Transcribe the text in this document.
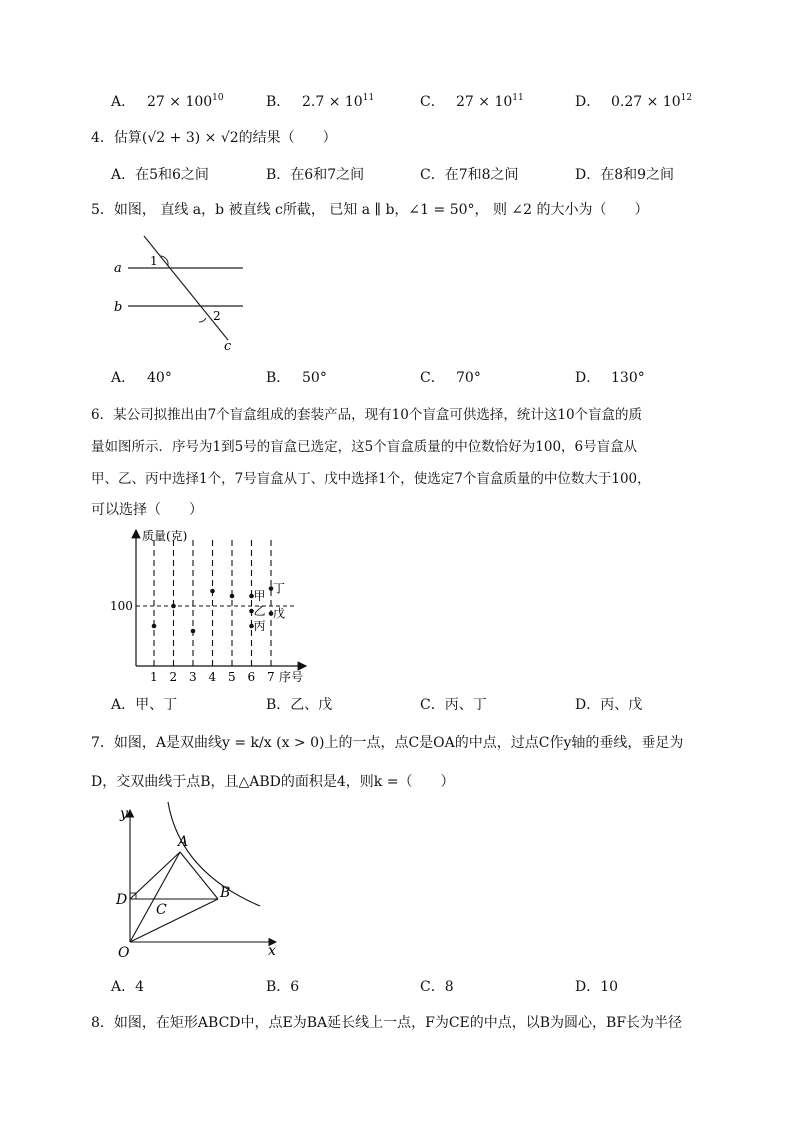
A． $27 \times 100^{10}$	B． $2.7 \times 10^{11}$	C． $27 \times 10^{11}$	D． $0.27 \times 10^{12}$
4．估算(√2 + 3) × √2的结果（　　）
A．在5和6之间	B．在6和7之间	C．在7和8之间	D．在8和9之间
5．如图， 直线 a，b 被直线 c所截， 已知 a ∥ b，∠1 = 50°， 则 ∠2 的大小为（　　）
a
b
c
1
2
A． 40°	B． 50°	C． 70°	D． 130°
6．某公司拟推出由7个盲盒组成的套装产品，现有10个盲盒可供选择，统计这10个盲盒的质
量如图所示．序号为1到5号的盲盒已选定，这5个盲盒质量的中位数恰好为100，6号盲盒从
甲、乙、丙中选择1个，7号盲盒从丁、戊中选择1个，使选定7个盲盒质量的中位数大于100，
可以选择（　　）
质量(克)
序号
1 2 3 4 5 6 7
100
甲
乙
丙
丁
戊
A．甲、丁	B．乙、戊	C．丙、丁	D．丙、戊
7．如图，A是双曲线y = k/x (x > 0)上的一点，点C是OA的中点，过点C作y轴的垂线，垂足为
D，交双曲线于点B，且△ABD的面积是4，则k =（　　）
y
x
O
A
B
C
D
A．4	B．6	C．8	D．10
8．如图，在矩形ABCD中，点E为BA延长线上一点，F为CE的中点，以B为圆心，BF长为半径
